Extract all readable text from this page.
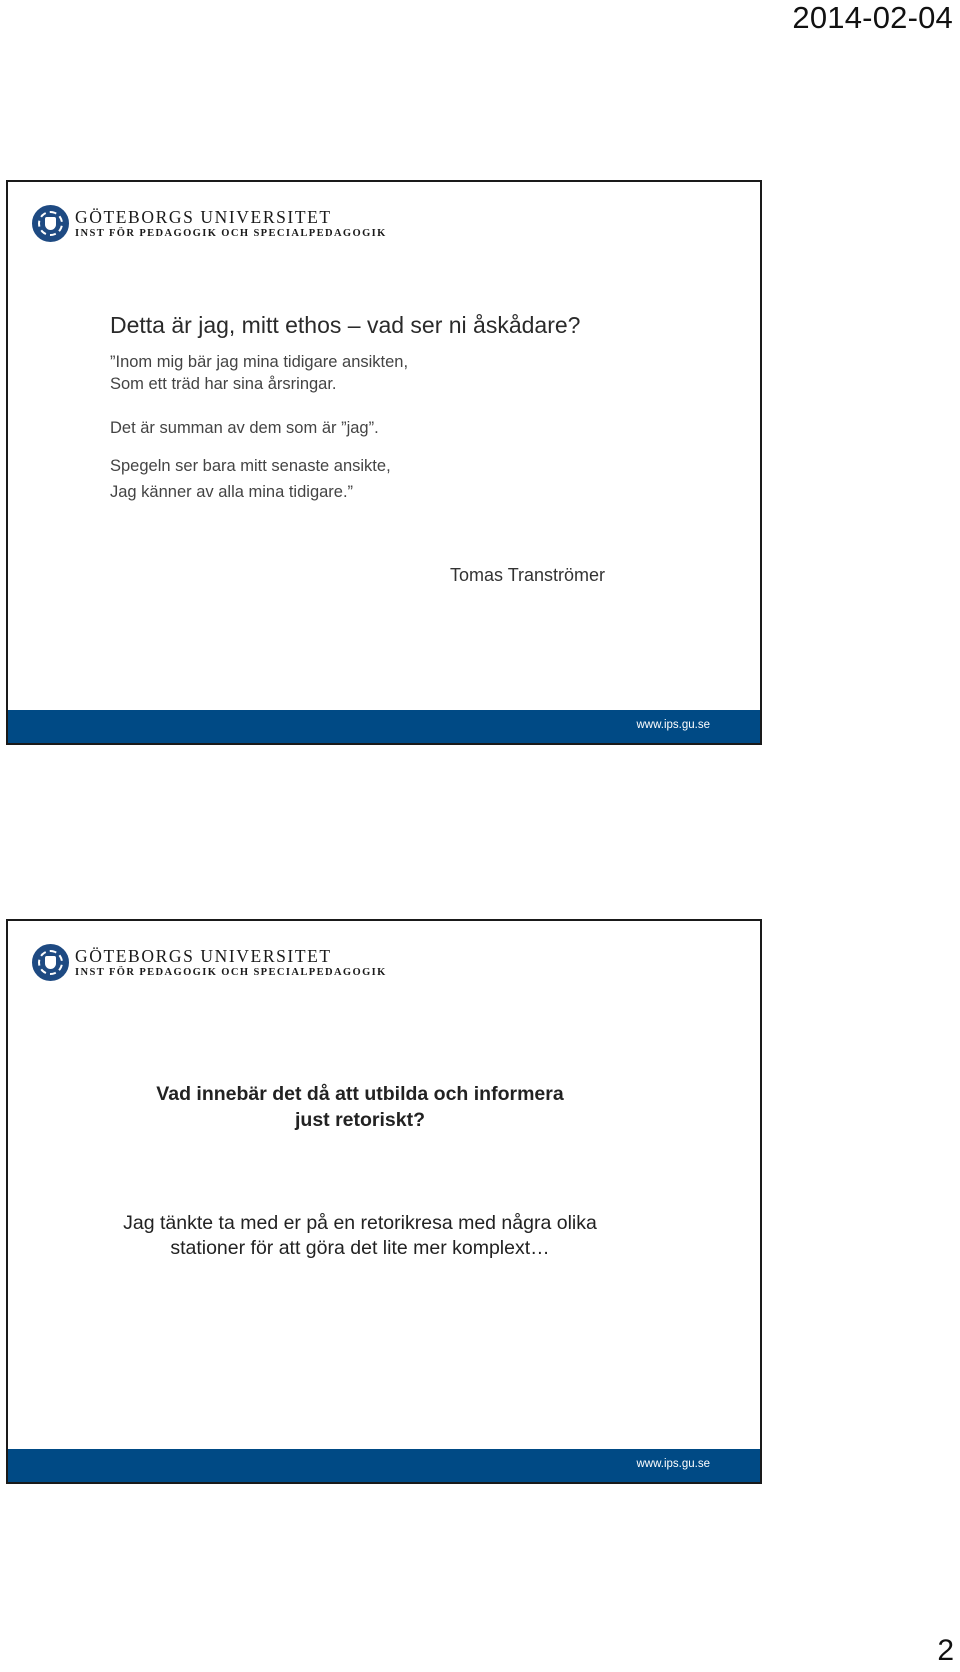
2014-02-04
GÖTEBORGS UNIVERSITET
INST FÖR PEDAGOGIK OCH SPECIALPEDAGOGIK
Detta är jag, mitt ethos – vad ser ni åskådare?
”Inom mig bär jag mina tidigare ansikten,
Som ett träd har sina årsringar.
Det är summan av dem som är ”jag”.
Spegeln ser bara mitt senaste ansikte,
Jag känner av alla mina tidigare.”
Tomas Tranströmer
www.ips.gu.se
GÖTEBORGS UNIVERSITET
INST FÖR PEDAGOGIK OCH SPECIALPEDAGOGIK
Vad innebär det då att utbilda och informera
just retoriskt?
Jag tänkte ta med er på en retorikresa med några olika
stationer för att göra det lite mer komplext…
www.ips.gu.se
2
